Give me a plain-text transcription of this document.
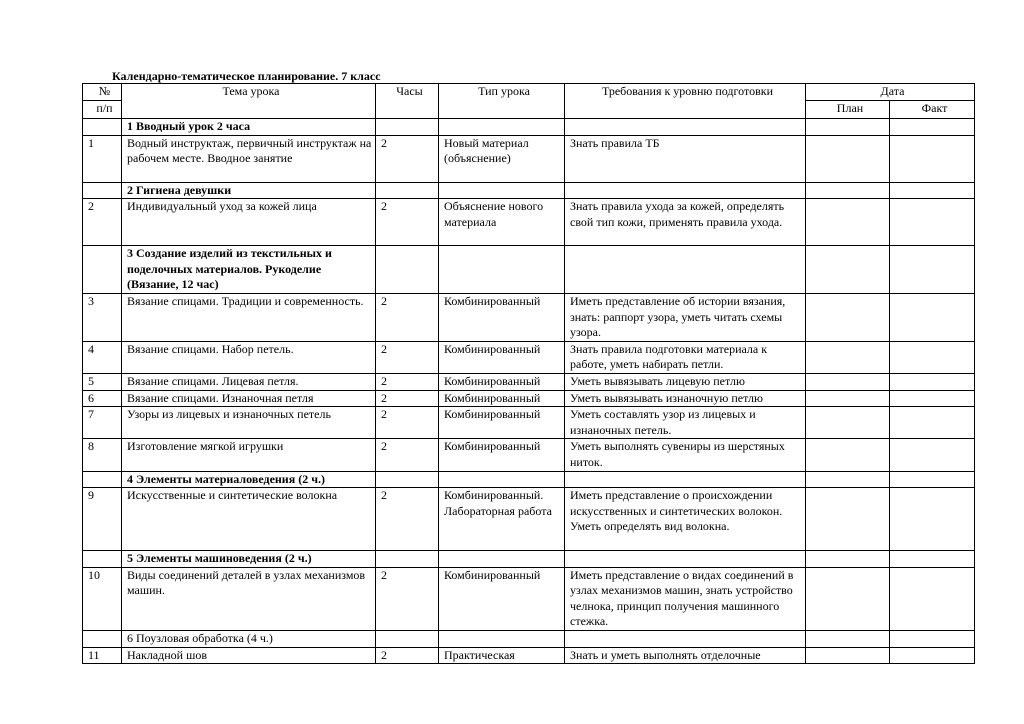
Календарно-тематическое планирование. 7 класс
№	Тема урока	Часы	Тип урока	Требования к уровню подготовки	Дата	
п/п					План	Факт
	1 Вводный урок 2 часа					
1	Водный инструктаж, первичный инструктаж на рабочем месте. Вводное занятие	2	Новый материал (объяснение)	Знать правила ТБ		
	2 Гигиена девушки					
2	Индивидуальный уход за кожей лица	2	Объяснение нового материала	Знать правила ухода за кожей, определять свой тип кожи, применять правила ухода.		
	3 Создание изделий из текстильных и поделочных материалов. Рукоделие (Вязание, 12 час)					
3	Вязание спицами. Традиции и современность.	2	Комбинированный	Иметь представление об истории вязания, знать: раппорт узора, уметь читать схемы узора.		
4	Вязание спицами. Набор петель.	2	Комбинированный	Знать правила подготовки материала к работе, уметь набирать петли.		
5	Вязание спицами. Лицевая петля.	2	Комбинированный	Уметь вывязывать лицевую петлю		
6	Вязание спицами. Изнаночная петля	2	Комбинированный	Уметь вывязывать изнаночную петлю		
7	Узоры из лицевых и изнаночных петель	2	Комбинированный	Уметь составлять узор из лицевых и изнаночных петель.		
8	Изготовление мягкой игрушки	2	Комбинированный	Уметь выполнять сувениры из шерстяных ниток.		
	4 Элементы материаловедения (2 ч.)					
9	Искусственные и синтетические волокна	2	Комбинированный. Лабораторная работа	Иметь представление о происхождении искусственных и синтетических волокон. Уметь определять вид волокна.		
	5 Элементы машиноведения (2 ч.)					
10	Виды соединений деталей в узлах механизмов машин.	2	Комбинированный	Иметь представление о видах соединений в узлах механизмов машин, знать устройство челнока, принцип получения машинного стежка.		
	6 Поузловая обработка (4 ч.)					
11	Накладной шов	2	Практическая	Знать и уметь выполнять отделочные		
